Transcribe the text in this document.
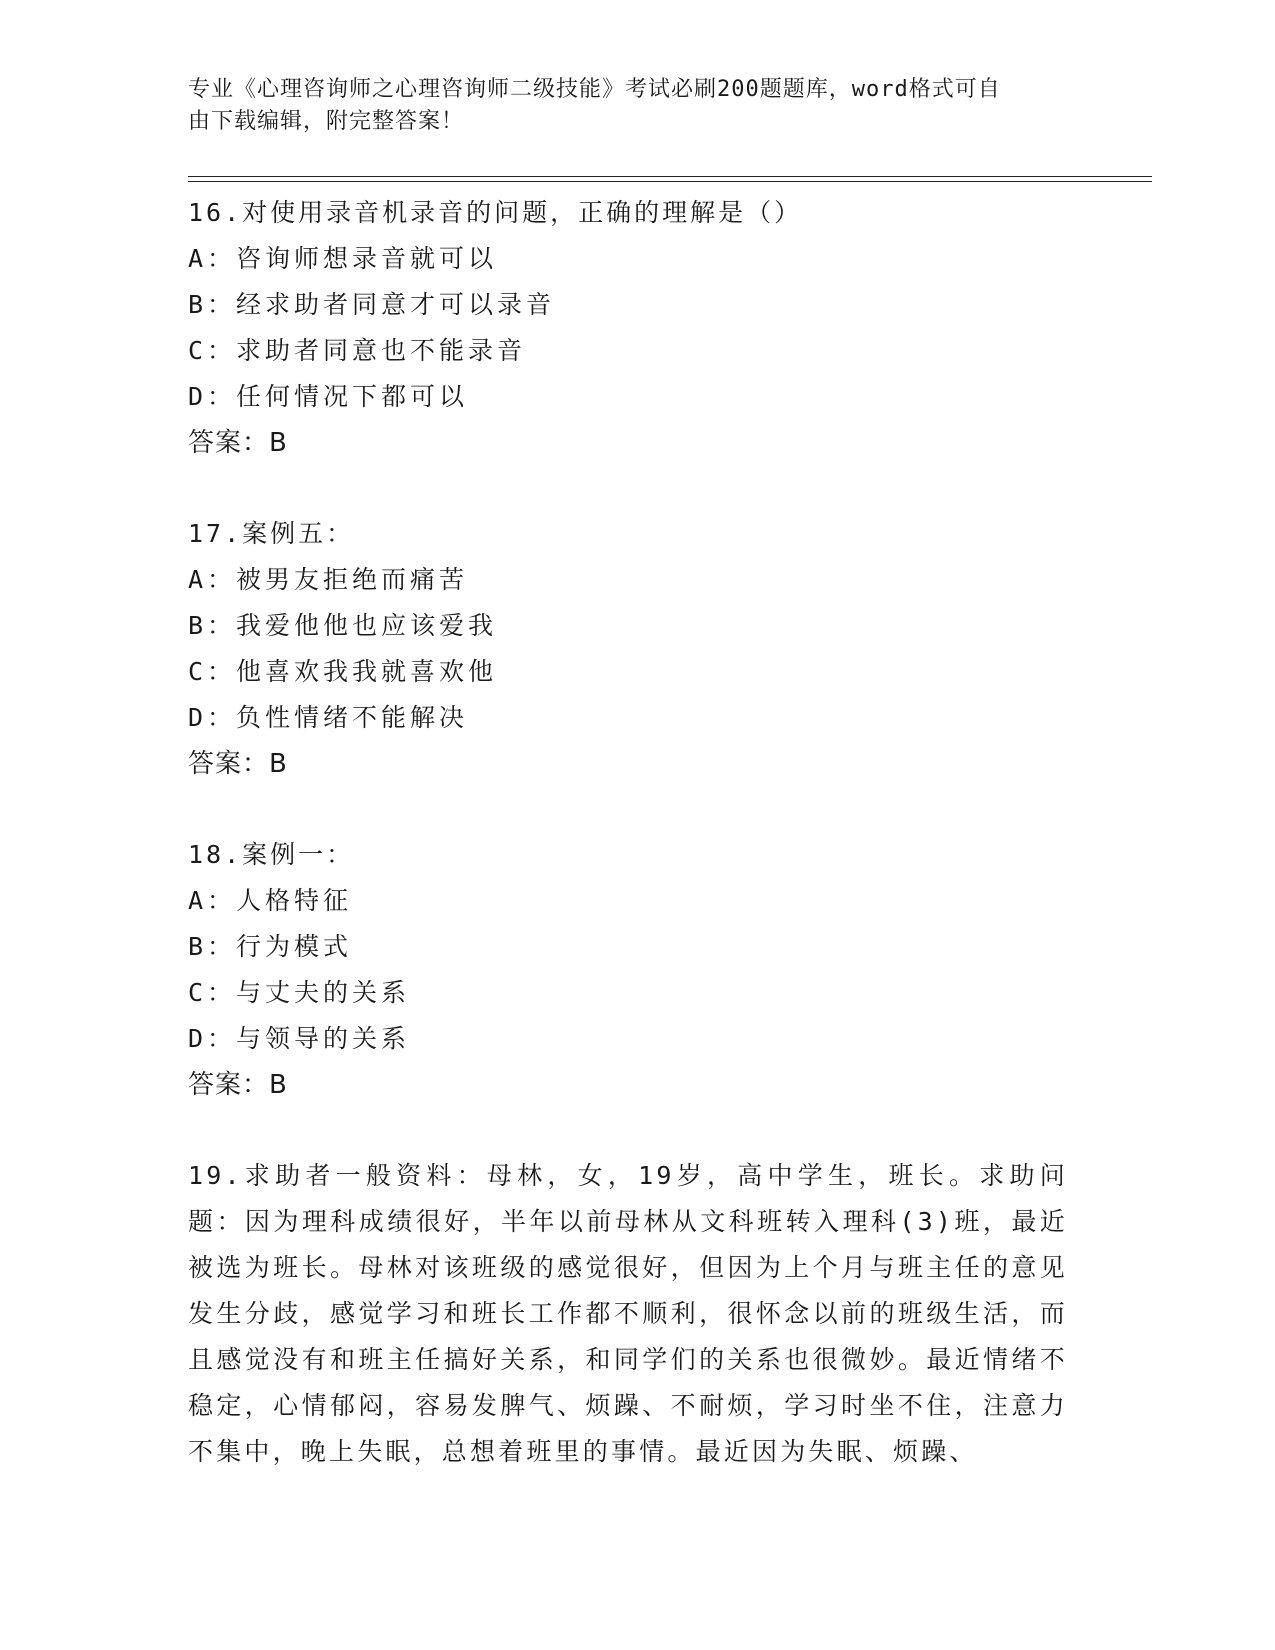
专业《心理咨询师之心理咨询师二级技能》考试必刷200题题库，word格式可自

由下载编辑，附完整答案！

16.对使用录音机录音的问题，正确的理解是（）
A：咨询师想录音就可以
B：经求助者同意才可以录音
C：求助者同意也不能录音
D：任何情况下都可以
答案：B
17.案例五：
A：被男友拒绝而痛苦
B：我爱他他也应该爱我
C：他喜欢我我就喜欢他
D：负性情绪不能解决
答案：B
18.案例一：
A：人格特征
B：行为模式
C：与丈夫的关系
D：与领导的关系
答案：B

19.求助者一般资料：母林，女，19岁，高中学生，班长。求助问题：因为理科成绩很好，半年以前母林从文科班转入理科(3)班，最近被选为班长。母林对该班级的感觉很好，但因为上个月与班主任的意见发生分歧，感觉学习和班长工作都不顺利，很怀念以前的班级生活，而且感觉没有和班主任搞好关系，和同学们的关系也很微妙。最近情绪不稳定，心情郁闷，容易发脾气、烦躁、不耐烦，学习时坐不住，注意力不集中，晚上失眠，总想着班里的事情。最近因为失眠、烦躁、
